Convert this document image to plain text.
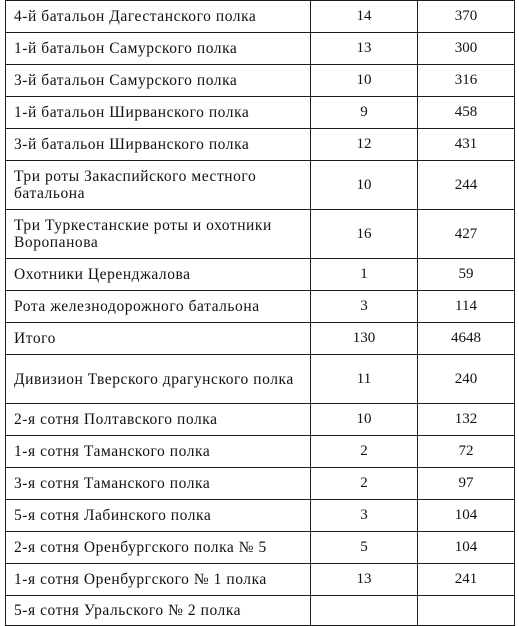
4-й батальон Дагестанского полка	14	370
1-й батальон Самурского полка	13	300
3-й батальон Самурского полка	10	316
1-й батальон Ширванского полка	9	458
3-й батальон Ширванского полка	12	431
Три роты Закаспийского местного батальона	10	244
Три Туркестанские роты и охотники Воропанова	16	427
Охотники Церенджалова	1	59
Рота железнодорожного батальона	3	114
Итого	130	4648
Дивизион Тверского драгунского полка	11	240
2-я сотня Полтавского полка	10	132
1-я сотня Таманского полка	2	72
3-я сотня Таманского полка	2	97
5-я сотня Лабинского полка	3	104
2-я сотня Оренбургского полка № 5	5	104
1-я сотня Оренбургского № 1 полка	13	241
5-я сотня Уральского № 2 полка		
